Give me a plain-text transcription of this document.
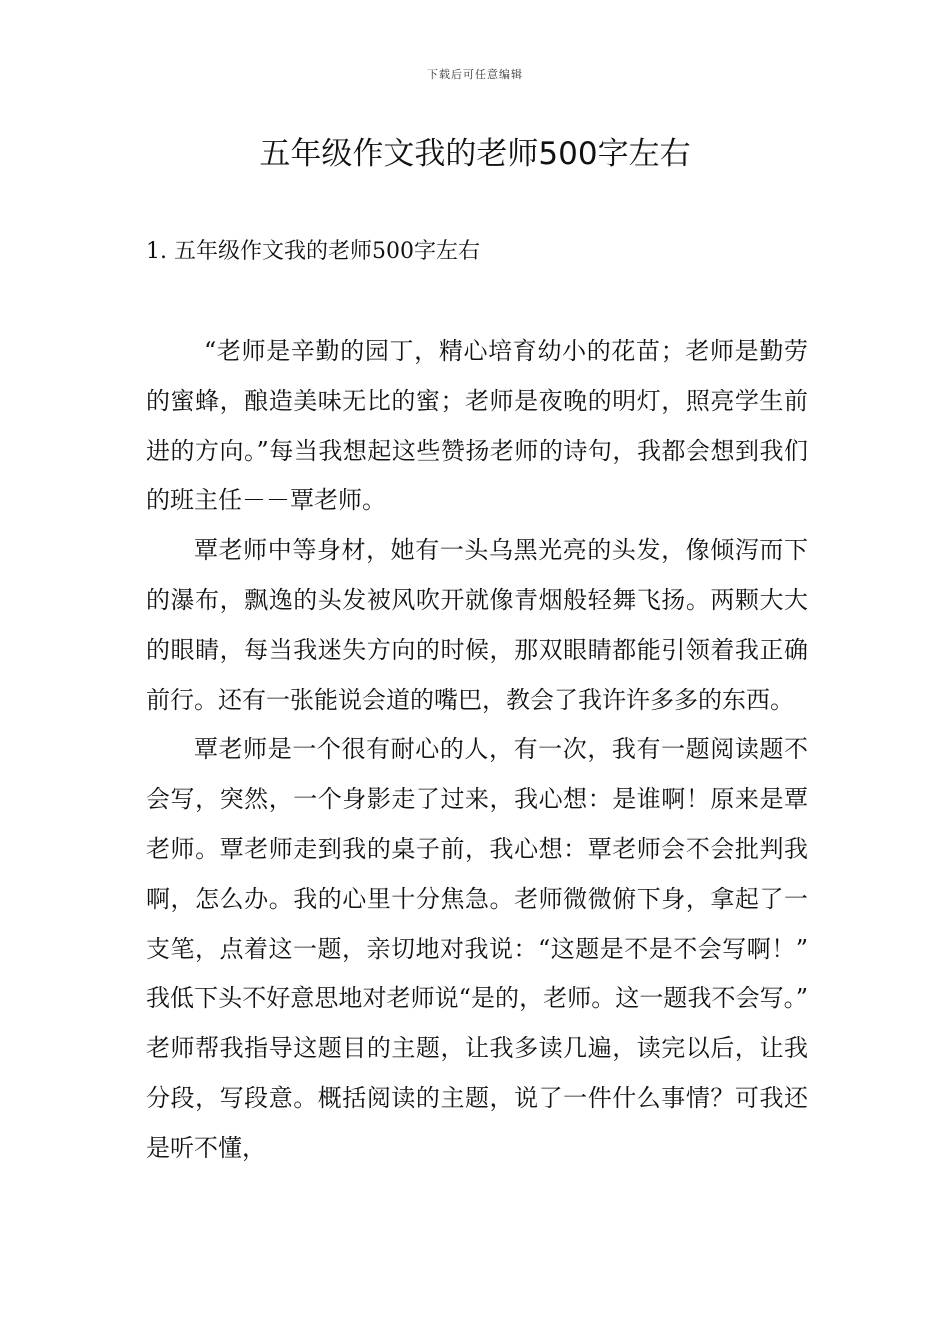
下载后可任意编辑
五年级作文我的老师500字左右
1. 五年级作文我的老师500字左右

“老师是辛勤的园丁，精心培育幼小的花苗；老师是勤劳的蜜蜂，酿造美味无比的蜜；老师是夜晚的明灯，照亮学生前进的方向。”每当我想起这些赞扬老师的诗句，我都会想到我们的班主任－－覃老师。

覃老师中等身材，她有一头乌黑光亮的头发，像倾泻而下的瀑布，飘逸的头发被风吹开就像青烟般轻舞飞扬。两颗大大的眼睛，每当我迷失方向的时候，那双眼睛都能引领着我正确前行。还有一张能说会道的嘴巴，教会了我许许多多的东西。

覃老师是一个很有耐心的人，有一次，我有一题阅读题不会写，突然，一个身影走了过来，我心想：是谁啊！原来是覃老师。覃老师走到我的桌子前，我心想：覃老师会不会批判我啊，怎么办。我的心里十分焦急。老师微微俯下身，拿起了一支笔，点着这一题，亲切地对我说：“这题是不是不会写啊！”我低下头不好意思地对老师说“是的，老师。这一题我不会写。”老师帮我指导这题目的主题，让我多读几遍，读完以后，让我分段，写段意。概括阅读的主题，说了一件什么事情？可我还是听不懂，
